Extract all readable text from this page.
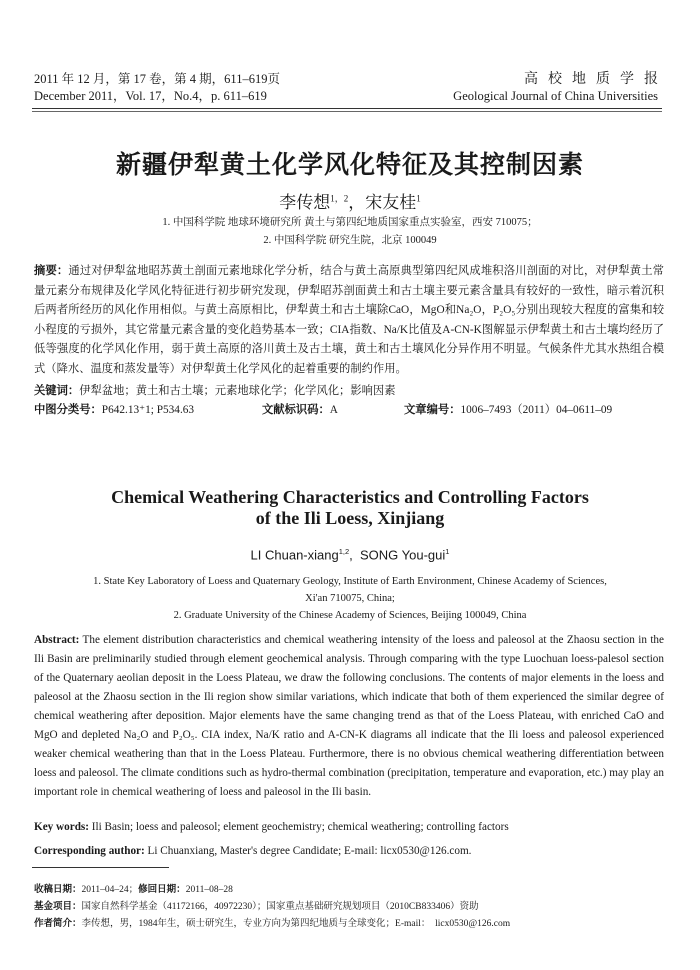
2011 年 12 月，第 17 卷，第 4 期，611–619页
December 2011，Vol. 17，No.4，p. 611–619
高校地质学报
Geological Journal of China Universities
新疆伊犁黄土化学风化特征及其控制因素
李传想$^{1,2}$，宋友桂$^1$
1. 中国科学院 地球环境研究所 黄土与第四纪地质国家重点实验室，西安 710075；
2. 中国科学院 研究生院，北京 100049
摘要：通过对伊犁盆地昭苏黄土剖面元素地球化学分析，结合与黄土高原典型第四纪风成堆积洛川剖面的对比，对伊犁黄土常量元素分布规律及化学风化特征进行初步研究发现，伊犁昭苏剖面黄土和古土壤主要元素含量具有较好的一致性，暗示着沉积后两者所经历的风化作用相似。与黄土高原相比，伊犁黄土和古土壤除CaO，MgO和Na₂O，P₂O₅分别出现较大程度的富集和较小程度的亏损外，其它常量元素含量的变化趋势基本一致；CIA指数、Na/K比值及A-CN-K图解显示伊犁黄土和古土壤均经历了低等强度的化学风化作用，弱于黄土高原的洛川黄土及古土壤，黄土和古土壤风化分异作用不明显。气候条件尤其水热组合模式（降水、温度和蒸发量等）对伊犁黄土化学风化的起着重要的制约作用。
关键词：伊犁盆地；黄土和古土壤；元素地球化学；化学风化；影响因素
中图分类号：P642.13⁺1; P534.63	文献标识码：A	文章编号：1006–7493（2011）04–0611–09
Chemical Weathering Characteristics and Controlling Factors
of the Ili Loess, Xinjiang
LI Chuan-xiang$^{1,2}$,  SONG You-gui$^1$
1. State Key Laboratory of Loess and Quaternary Geology, Institute of Earth Environment, Chinese Academy of Sciences,
Xi'an 710075, China;
2. Graduate University of the Chinese Academy of Sciences, Beijing 100049, China
Abstract: The element distribution characteristics and chemical weathering intensity of the loess and paleosol at the Zhaosu section in the Ili Basin are preliminarily studied through element geochemical analysis. Through comparing with the type Luochuan loess-palesol section of the Quaternary aeolian deposit in the Loess Plateau, we draw the following conclusions. The contents of major elements in the loess and paleosol at the Zhaosu section in the Ili region show similar variations, which indicate that both of them experienced the similar degree of chemical weathering after deposition. Major elements have the same changing trend as that of the Loess Plateau, with enriched CaO and MgO and depleted Na₂O and P₂O₅. CIA index, Na/K ratio and A-CN-K diagrams all indicate that the Ili loess and paleosol experienced weaker chemical weathering than that in the Loess Plateau. Furthermore, there is no obvious chemical weathering differentiation between loess and paleosol. The climate conditions such as hydro-thermal combination (precipitation, temperature and evaporation, etc.) may play an important role in chemical weathering of loess and paleosol in the Ili basin.
Key words: Ili Basin; loess and paleosol; element geochemistry; chemical weathering; controlling factors
Corresponding author: Li Chuanxiang, Master's degree Candidate; E-mail: licx0530@126.com.
收稿日期：2011–04–24；修回日期：2011–08–28
基金项目：国家自然科学基金（41172166，40972230）；国家重点基础研究规划项目（2010CB833406）资助
作者简介：李传想，男，1984年生，硕士研究生，专业方向为第四纪地质与全球变化；E-mail：  licx0530@126.com
